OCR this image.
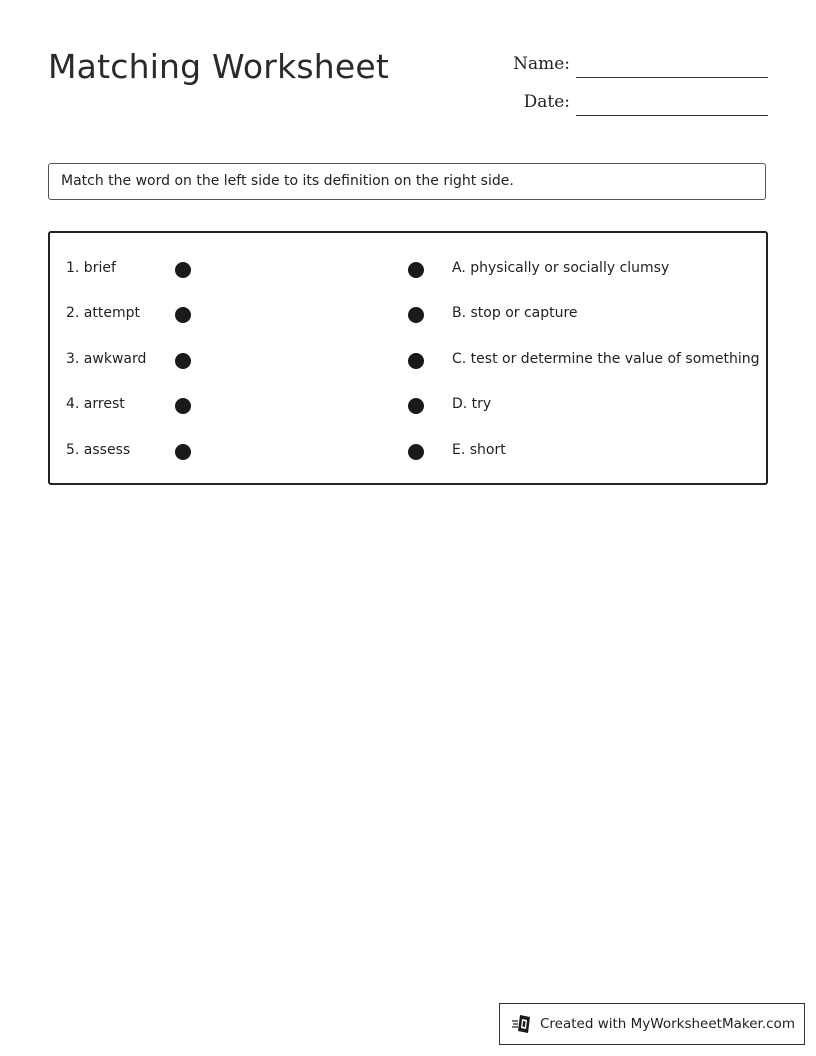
Matching Worksheet	Name:
Date:
Match the word on the left side to its definition on the right side.
1. brief	A. physically or socially clumsy
2. attempt	B. stop or capture
3. awkward	C. test or determine the value of something
4. arrest	D. try
5. assess	E. short
Created with MyWorksheetMaker.com
